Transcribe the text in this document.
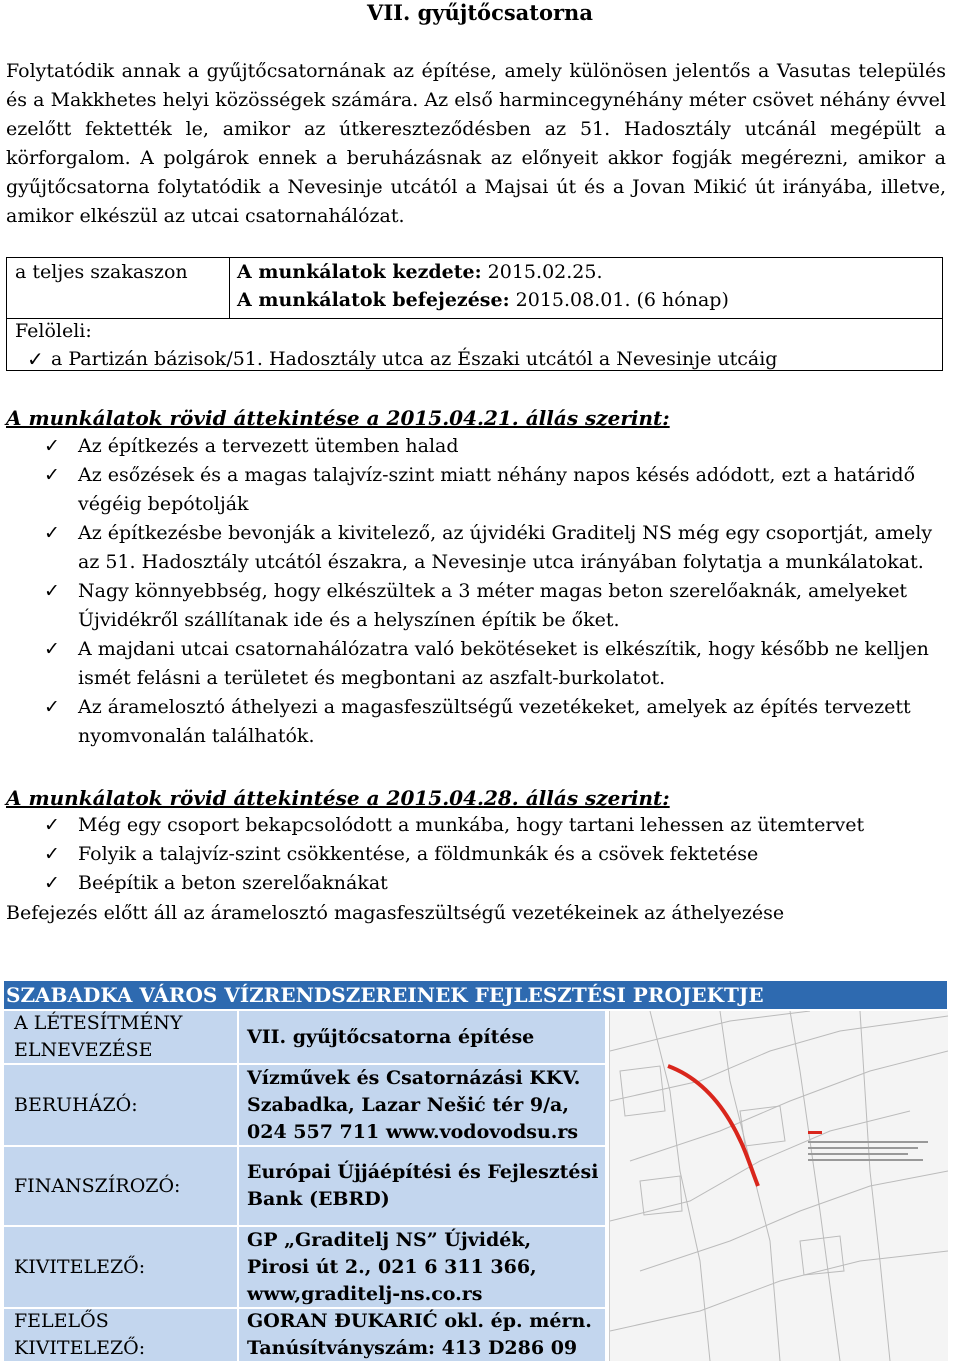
VII. gyűjtőcsatorna
Folytatódik annak a gyűjtőcsatornának az építése, amely különösen jelentős a Vasutas település és a Makkhetes helyi közösségek számára. Az első harmincegynéhány méter csövet néhány évvel ezelőtt fektették le, amikor az útkereszteződésben az 51. Hadosztály utcánál megépült a körforgalom. A polgárok ennek a beruházásnak az előnyeit akkor fogják megérezni, amikor a gyűjtőcsatorna folytatódik a Nevesinje utcától a Majsai út és a Jovan Mikić út irányába, illetve, amikor elkészül az utcai csatornahálózat.
a teljes szakaszon	A munkálatok kezdete: 2015.02.25.
A munkálatok befejezése: 2015.08.01. (6 hónap)
Felöleli:
✓ a Partizán bázisok/51. Hadosztály utca az Északi utcától a Nevesinje utcáig
A munkálatok rövid áttekintése a 2015.04.21. állás szerint:
✓ Az építkezés a tervezett ütemben halad
✓ Az esőzések és a magas talajvíz-szint miatt néhány napos késés adódott, ezt a határidő végéig bepótolják
✓ Az építkezésbe bevonják a kivitelező, az újvidéki Graditelj NS még egy csoportját, amely az 51. Hadosztály utcától északra, a Nevesinje utca irányában folytatja a munkálatokat.
✓ Nagy könnyebbség, hogy elkészültek a 3 méter magas beton szerelőaknák, amelyeket Újvidékről szállítanak ide és a helyszínen építik be őket.
✓ A majdani utcai csatornahálózatra való bekötéseket is elkészítik, hogy később ne kelljen ismét felásni a területet és megbontani az aszfalt-burkolatot.
✓ Az áramelosztó áthelyezi a magasfeszültségű vezetékeket, amelyek az építés tervezett nyomvonalán találhatók.
A munkálatok rövid áttekintése a 2015.04.28. állás szerint:
✓ Még egy csoport bekapcsolódott a munkába, hogy tartani lehessen az ütemtervet
✓ Folyik a talajvíz-szint csökkentése, a földmunkák és a csövek fektetése
✓ Beépítik a beton szerelőaknákat
Befejezés előtt áll az áramelosztó magasfeszültségű vezetékeinek az áthelyezése
SZABADKA VÁROS VÍZRENDSZEREINEK FEJLESZTÉSI PROJEKTJE
A LÉTESÍTMÉNY
ELNEVEZÉSE
VII. gyűjtőcsatorna építése
BERUHÁZÓ:
Vízművek és Csatornázási KKV.
Szabadka, Lazar Nešić tér 9/a,
024 557 711 www.vodovodsu.rs
FINANSZÍROZÓ:
Európai Újjáépítési és Fejlesztési
Bank (EBRD)
KIVITELEZŐ:
GP „Graditelj NS” Újvidék,
Pirosi út 2., 021 6 311 366,
www,graditelj-ns.co.rs
FELELŐS
KIVITELEZŐ:
GORAN ĐUKARIĆ okl. ép. mérn.
Tanúsítványszám: 413 D286 09
